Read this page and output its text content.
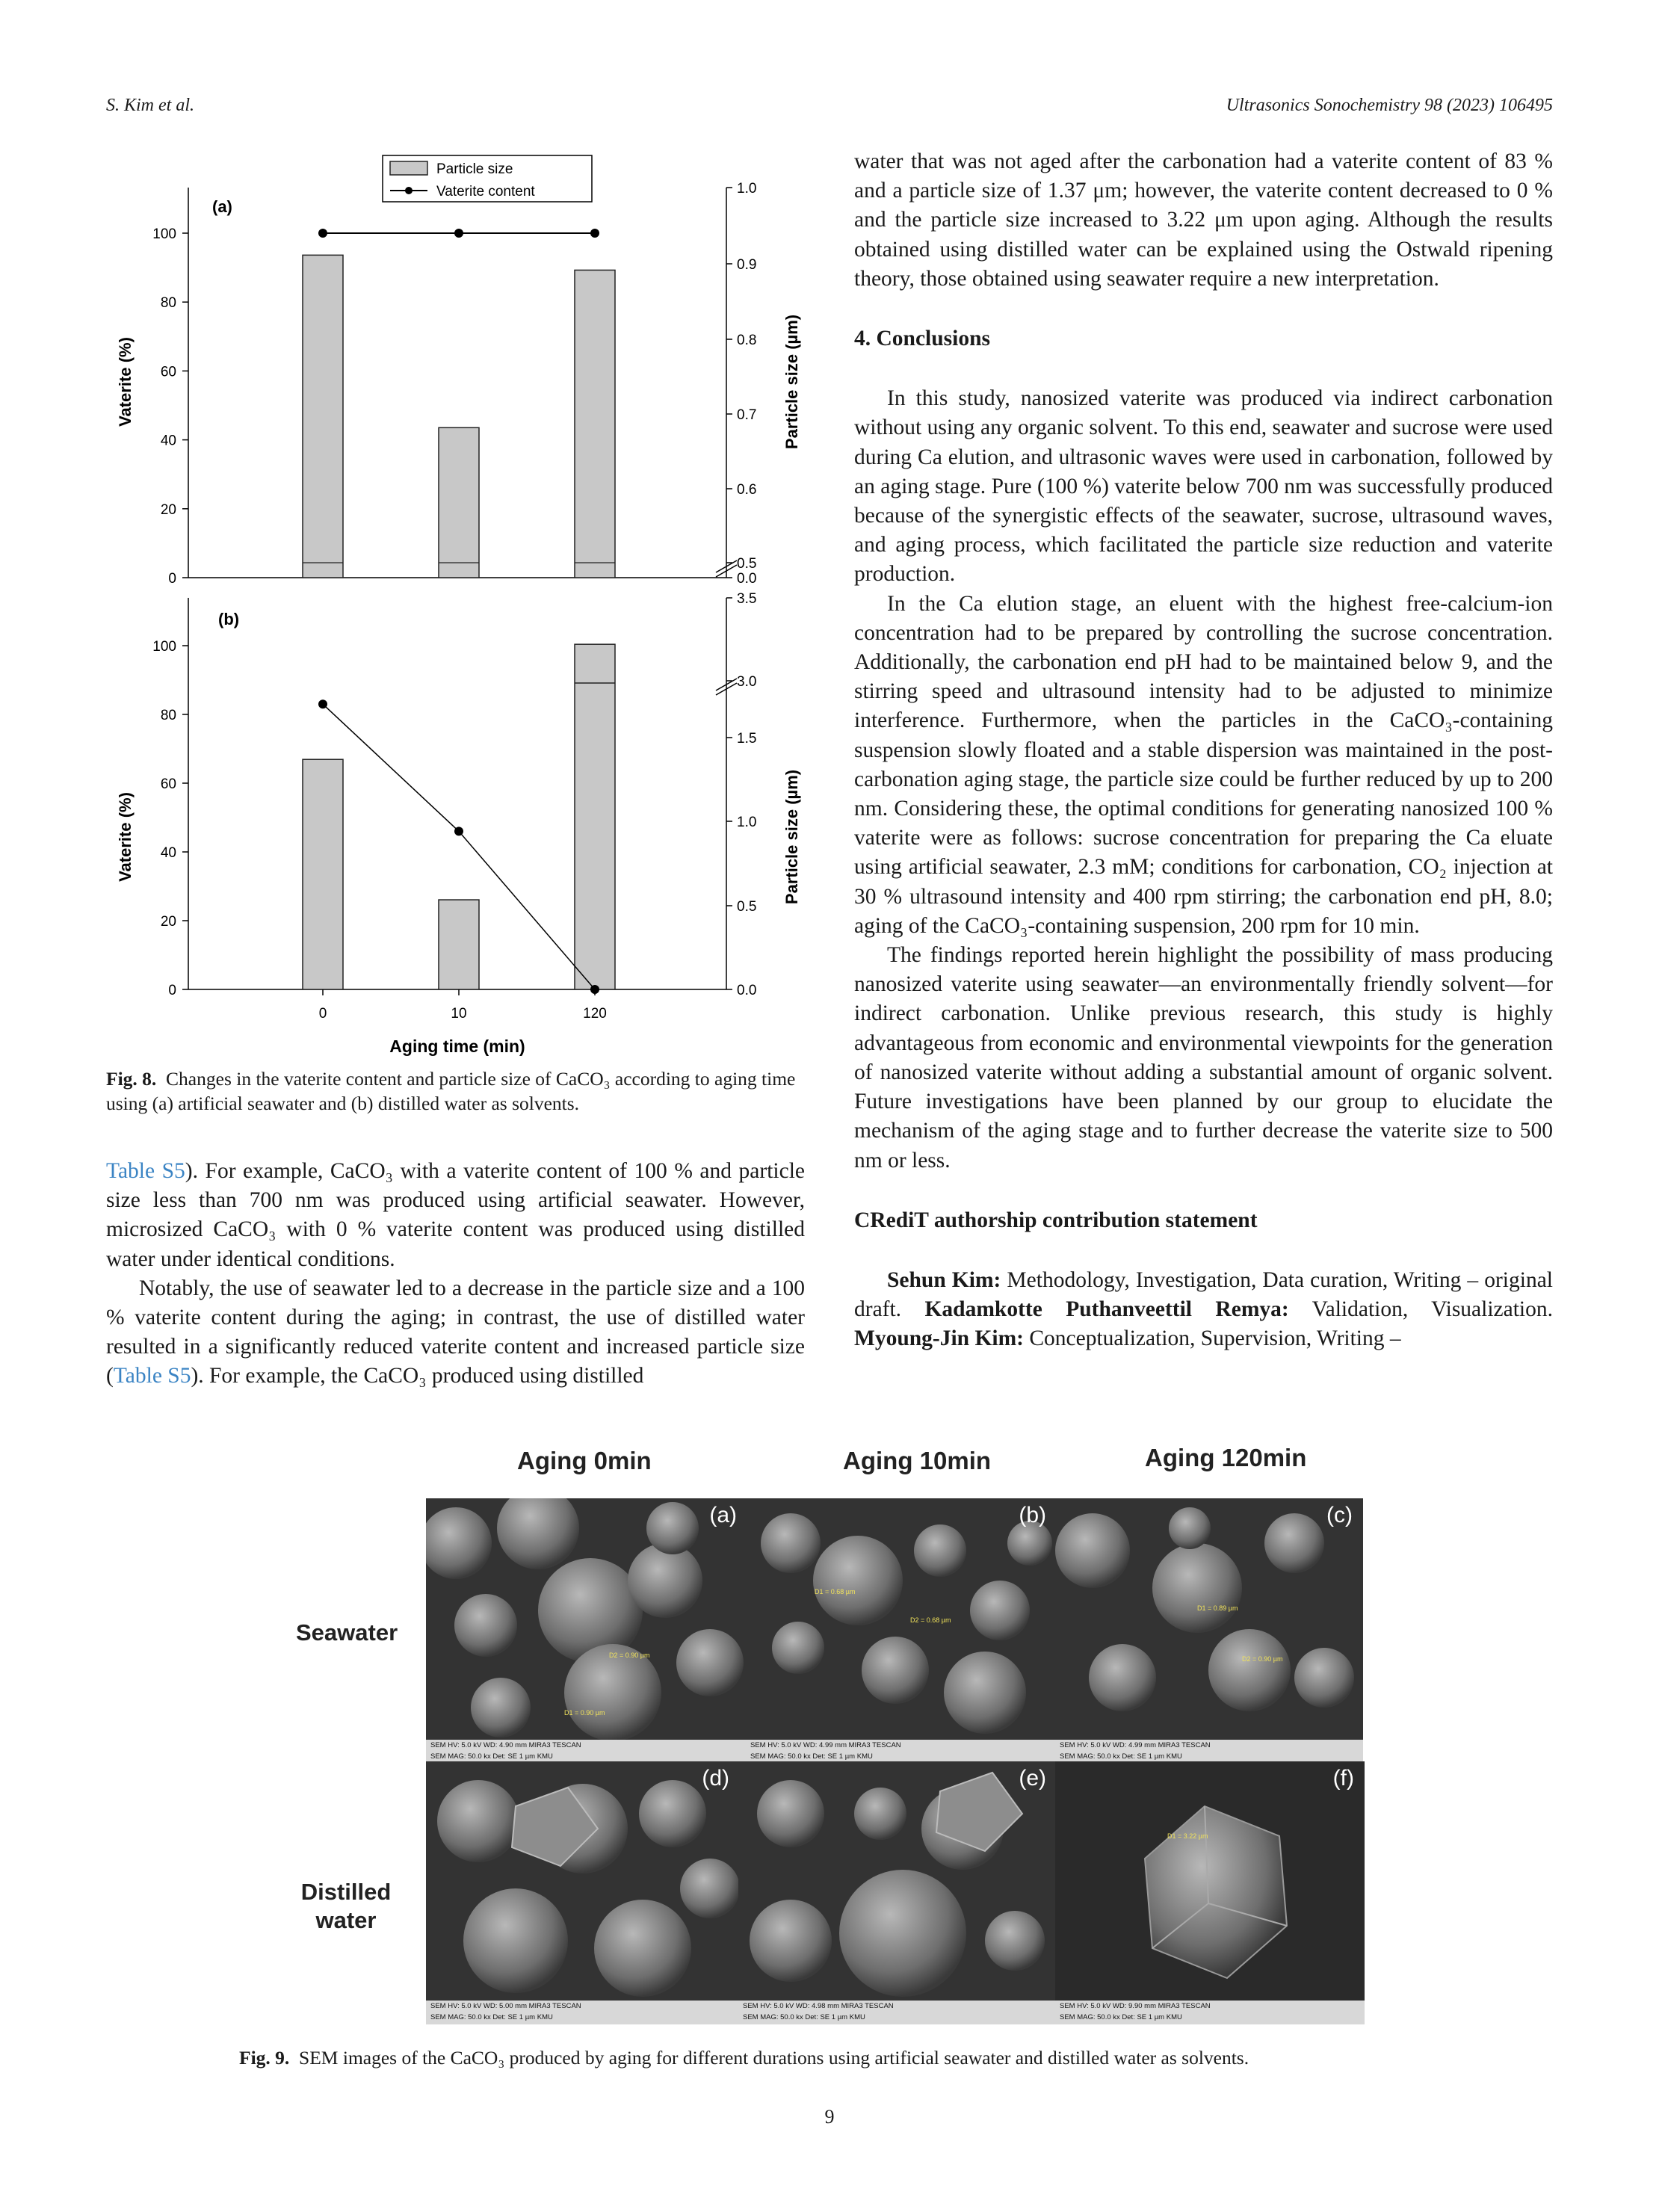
S. Kim et al.	Ultrasonics Sonochemistry 98 (2023) 106495
0
20
40
60
80
100
0.0
0.5
0.6
0.7
0.8
0.9
1.0
(a)
Particle size
Vaterite content
Vaterite (%)	Particle size (µm)
0
20
40
60
80
100
0.0
0.5
1.0
1.5
3.0
3.5
(b)
0	10	120
Aging time (min)
Vaterite (%)	Particle size (µm)
Fig. 8. Changes in the vaterite content and particle size of CaCO₃ according to aging time using (a) artificial seawater and (b) distilled water as solvents.

Table S5). For example, CaCO₃ with a vaterite content of 100 % and particle size less than 700 nm was produced using artificial seawater. However, microsized CaCO₃ with 0 % vaterite content was produced using distilled water under identical conditions.

Notably, the use of seawater led to a decrease in the particle size and a 100 % vaterite content during the aging; in contrast, the use of distilled water resulted in a significantly reduced vaterite content and increased particle size (Table S5). For example, the CaCO₃ produced using distilled

water that was not aged after the carbonation had a vaterite content of 83 % and a particle size of 1.37 μm; however, the vaterite content decreased to 0 % and the particle size increased to 3.22 μm upon aging. Although the results obtained using distilled water can be explained using the Ostwald ripening theory, those obtained using seawater require a new interpretation.

4. Conclusions

In this study, nanosized vaterite was produced via indirect carbonation without using any organic solvent. To this end, seawater and sucrose were used during Ca elution, and ultrasonic waves were used in carbonation, followed by an aging stage. Pure (100 %) vaterite below 700 nm was successfully produced because of the synergistic effects of the seawater, sucrose, ultrasound waves, and aging process, which facilitated the particle size reduction and vaterite production.

In the Ca elution stage, an eluent with the highest free-calcium-ion concentration had to be prepared by controlling the sucrose concentration. Additionally, the carbonation end pH had to be maintained below 9, and the stirring speed and ultrasound intensity had to be adjusted to minimize interference. Furthermore, when the particles in the CaCO₃-containing suspension slowly floated and a stable dispersion was maintained in the post-carbonation aging stage, the particle size could be further reduced by up to 200 nm. Considering these, the optimal conditions for generating nanosized 100 % vaterite were as follows: sucrose concentration for preparing the Ca eluate using artificial seawater, 2.3 mM; conditions for carbonation, CO₂ injection at 30 % ultrasound intensity and 400 rpm stirring; the carbonation end pH, 8.0; aging of the CaCO₃-containing suspension, 200 rpm for 10 min.

The findings reported herein highlight the possibility of mass producing nanosized vaterite using seawater—an environmentally friendly solvent—for indirect carbonation. Unlike previous research, this study is highly advantageous from economic and environmental viewpoints for the generation of nanosized vaterite without adding a substantial amount of organic solvent. Future investigations have been planned by our group to elucidate the mechanism of the aging stage and to further decrease the vaterite size to 500 nm or less.

CRediT authorship contribution statement

Sehun Kim: Methodology, Investigation, Data curation, Writing – original draft. Kadamkotte Puthanveettil Remya: Validation, Visualization. Myoung-Jin Kim: Conceptualization, Supervision, Writing –

Aging 0min	Aging 10min	Aging 120min
Seawater
Distilled water
D2 = 0.90 µm
D1 = 0.90 µm
(a)
SEM HV: 5.0 kV WD: 4.90 mm MIRA3 TESCAN
SEM MAG: 50.0 kx Det: SE 1 µm KMU
D1 = 0.68 µm
D2 = 0.68 µm
(b)
SEM HV: 5.0 kV WD: 4.99 mm MIRA3 TESCAN
SEM MAG: 50.0 kx Det: SE 1 µm KMU
D1 = 0.89 µm
D2 = 0.90 µm
(c)
SEM HV: 5.0 kV WD: 4.99 mm MIRA3 TESCAN
SEM MAG: 50.0 kx Det: SE 1 µm KMU
(d)
SEM HV: 5.0 kV WD: 5.00 mm MIRA3 TESCAN
SEM MAG: 50.0 kx Det: SE 1 µm KMU
(e)
SEM HV: 5.0 kV WD: 4.98 mm MIRA3 TESCAN
SEM MAG: 50.0 kx Det: SE 1 µm KMU
D1 = 3.22 µm
(f)
SEM HV: 5.0 kV WD: 9.90 mm MIRA3 TESCAN
SEM MAG: 50.0 kx Det: SE 1 µm KMU
Fig. 9. SEM images of the CaCO₃ produced by aging for different durations using artificial seawater and distilled water as solvents.
9
